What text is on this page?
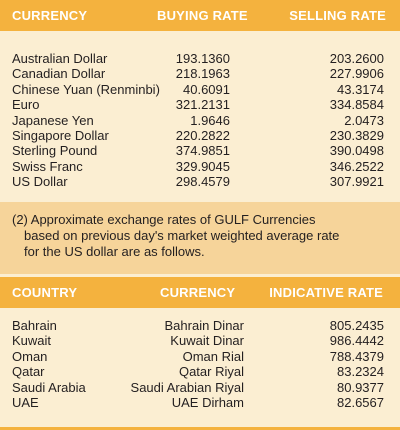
CURRENCY	BUYING RATE	SELLING RATE
Australian Dollar	193.1360	203.2600
Canadian Dollar	218.1963	227.9906
Chinese Yuan (Renminbi) 40.6091	43.3174
Euro	321.2131	334.8584
Japanese Yen	1.9646	2.0473
Singapore Dollar	220.2822	230.3829
Sterling Pound	374.9851	390.0498
Swiss Franc	329.9045	346.2522
US Dollar	298.4579	307.9921

(2) Approximate exchange rates of GULF Currencies
based on previous day's market weighted average rate
for the US dollar are as follows.

COUNTRY	CURRENCY	INDICATIVE RATE
Bahrain	Bahrain Dinar	805.2435
Kuwait	Kuwait Dinar	986.4442
Oman	Oman Rial	788.4379
Qatar	Qatar Riyal	83.2324
Saudi Arabia	Saudi Arabian Riyal	80.9377
UAE	UAE Dirham	82.6567
